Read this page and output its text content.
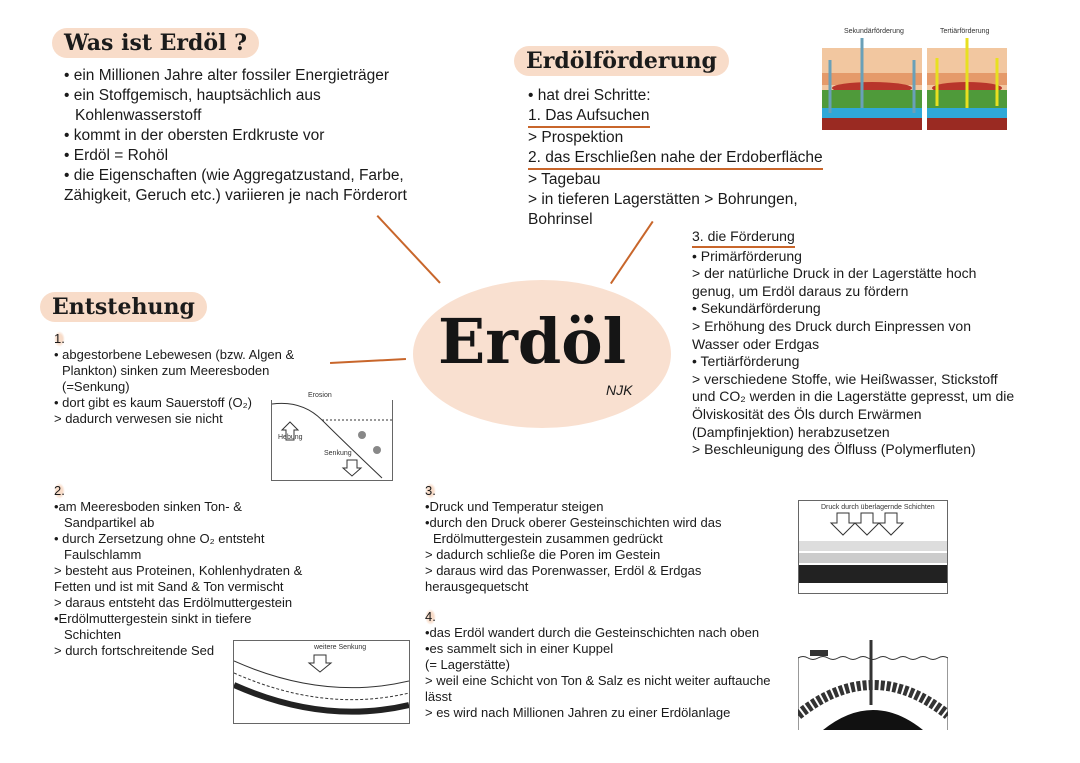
Erdöl
NJK
Was ist Erdöl ?
• ein Millionen Jahre alter fossiler Energieträger
• ein Stoffgemisch, hauptsächlich aus
Kohlenwasserstoff
• kommt in der obersten Erdkruste vor
• Erdöl = Rohöl
• die Eigenschaften (wie Aggregatzustand, Farbe,
Zähigkeit, Geruch etc.) variieren je nach Förderort
Erdölförderung
• hat drei Schritte:
1. Das Aufsuchen
> Prospektion
2. das Erschließen nahe der Erdoberfläche
> Tagebau
> in tieferen Lagerstätten > Bohrungen,
Bohrinsel
3. die Förderung
• Primärförderung
> der natürliche Druck in der Lagerstätte hoch
genug, um Erdöl daraus zu fördern
• Sekundärförderung
> Erhöhung des Druck durch Einpressen von
Wasser oder Erdgas
• Tertiärförderung
> verschiedene Stoffe, wie Heißwasser, Stickstoff
und CO₂ werden in die Lagerstätte gepresst, um die
Ölviskosität des Öls durch Erwärmen
(Dampfinjektion) herabzusetzen
> Beschleunigung des Ölfluss (Polymerfluten)
Sekundärförderung	Tertiärförderung
Entstehung
1.
• abgestorbene Lebewesen (bzw. Algen &
Plankton) sinken zum Meeresboden
(=Senkung)
• dort gibt es kaum Sauerstoff (O₂)
> dadurch verwesen sie nicht
Erosion
Hebung
Senkung
2.
•am Meeresboden sinken Ton- &
Sandpartikel ab
• durch Zersetzung ohne O₂ entsteht
Faulschlamm
> besteht aus Proteinen, Kohlenhydraten &
Fetten und ist mit Sand & Ton vermischt
> daraus entsteht das Erdölmuttergestein
•Erdölmuttergestein sinkt in tiefere
Schichten
> durch fortschreitende Sed	weitere Senkung
3.
•Druck und Temperatur steigen
•durch den Druck oberer Gesteinschichten wird das
Erdölmuttergestein zusammen gedrückt
> dadurch schließe die Poren im Gestein
> daraus wird das Porenwasser, Erdöl & Erdgas
herausgequetscht
Druck durch überlagernde Schichten
4.
•das Erdöl wandert durch die Gesteinschichten nach oben
•es sammelt sich in einer Kuppel
(= Lagerstätte)
> weil eine Schicht von Ton & Salz es nicht weiter auftauche
lässt
> es wird nach Millionen Jahren zu einer Erdölanlage
